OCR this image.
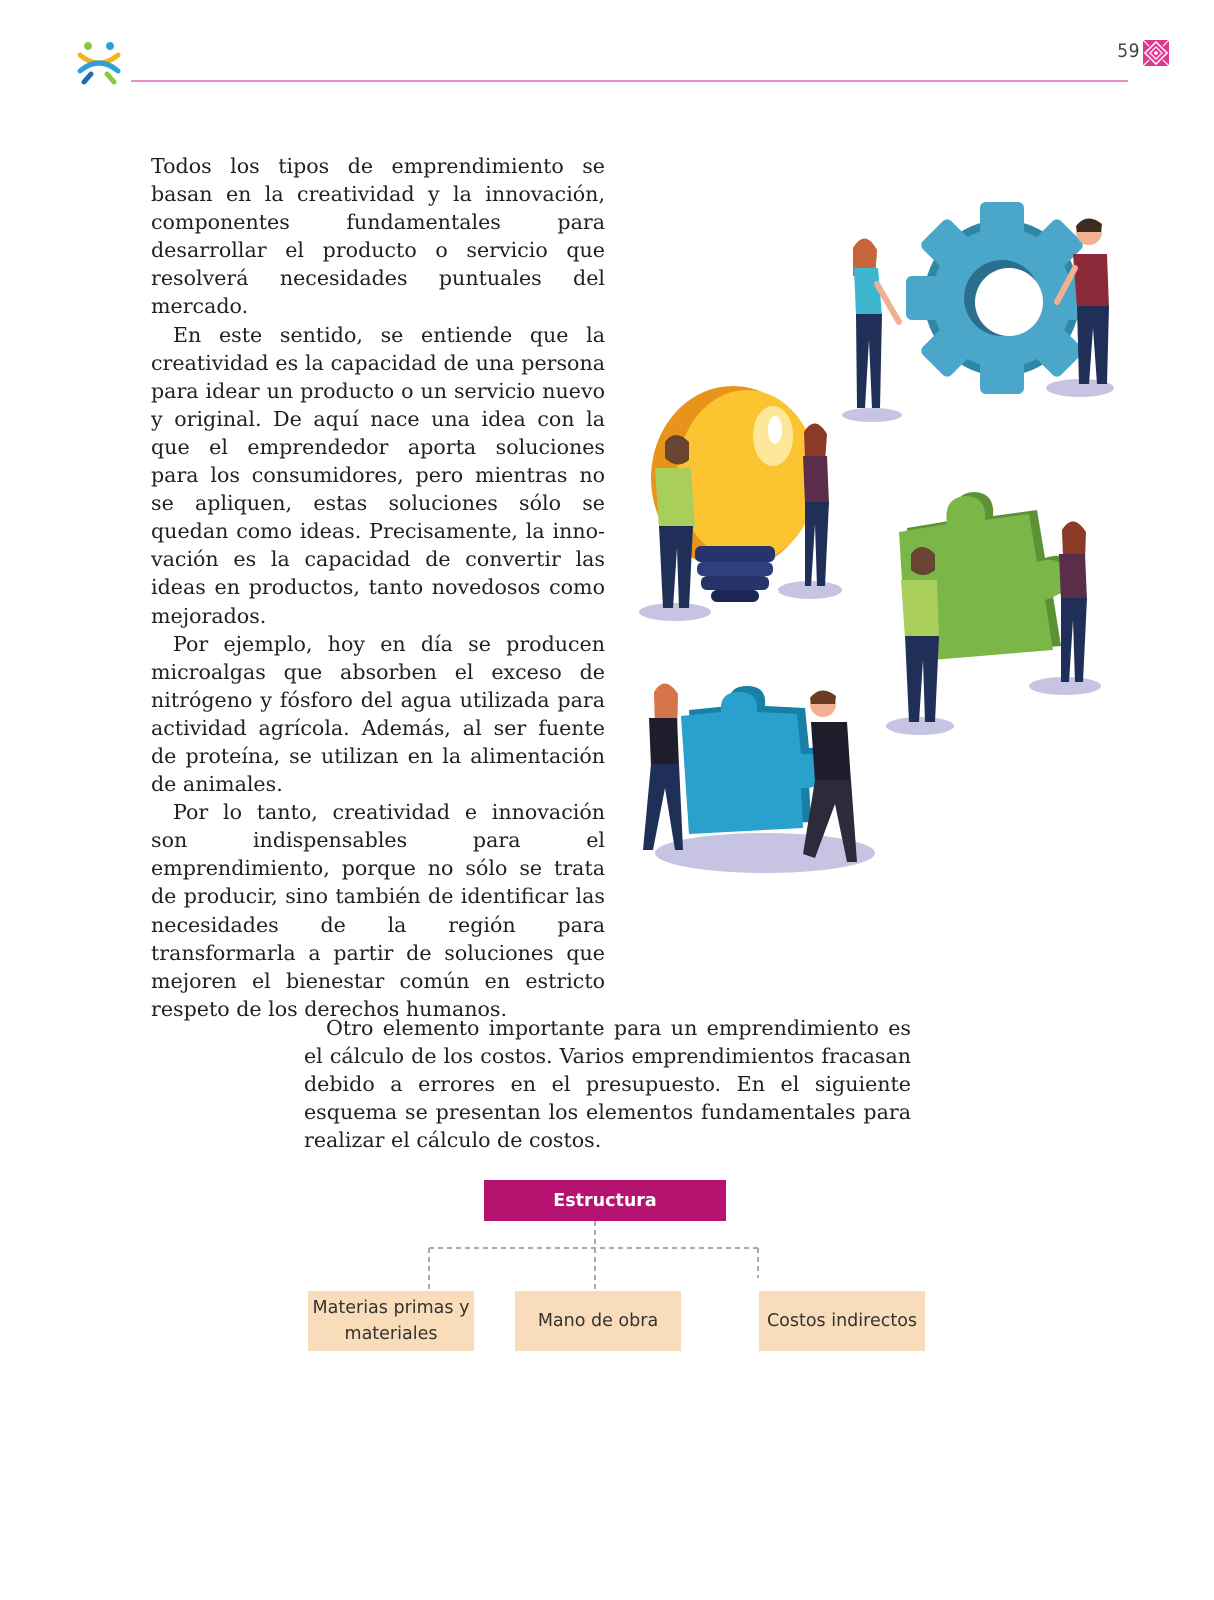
59

Todos los tipos de emprendimiento se basan en la creatividad y la innovación, componentes fundamentales para desarrollar el producto o servicio que resolverá necesidades puntuales del mercado.

En este sentido, se entiende que la creatividad es la capacidad de una persona para idear un producto o un servicio nuevo y original. De aquí nace una idea con la que el emprendedor aporta soluciones para los consumidores, pero mientras no se apliquen, estas soluciones sólo se quedan como ideas. Precisamente, la innovación es la capacidad de convertir las ideas en productos, tanto novedosos como mejorados.

Por ejemplo, hoy en día se producen microalgas que absorben el exceso de nitrógeno y fósforo del agua utilizada para actividad agrícola. Además, al ser fuente de proteína, se utilizan en la alimentación de animales.

Por lo tanto, creatividad e innovación son indispensables para el emprendimiento, porque no sólo se trata de producir, sino también de identificar las necesidades de la región para transformarla a partir de soluciones que mejoren el bienestar común en estricto respeto de los derechos humanos.

Otro elemento importante para un emprendimiento es el cálculo de los costos. Varios emprendimientos fracasan debido a errores en el presupuesto. En el siguiente esquema se presentan los elementos fundamentales para realizar el cálculo de costos.

Estructura
Materias primas y materiales
Mano de obra	Costos indirectos
